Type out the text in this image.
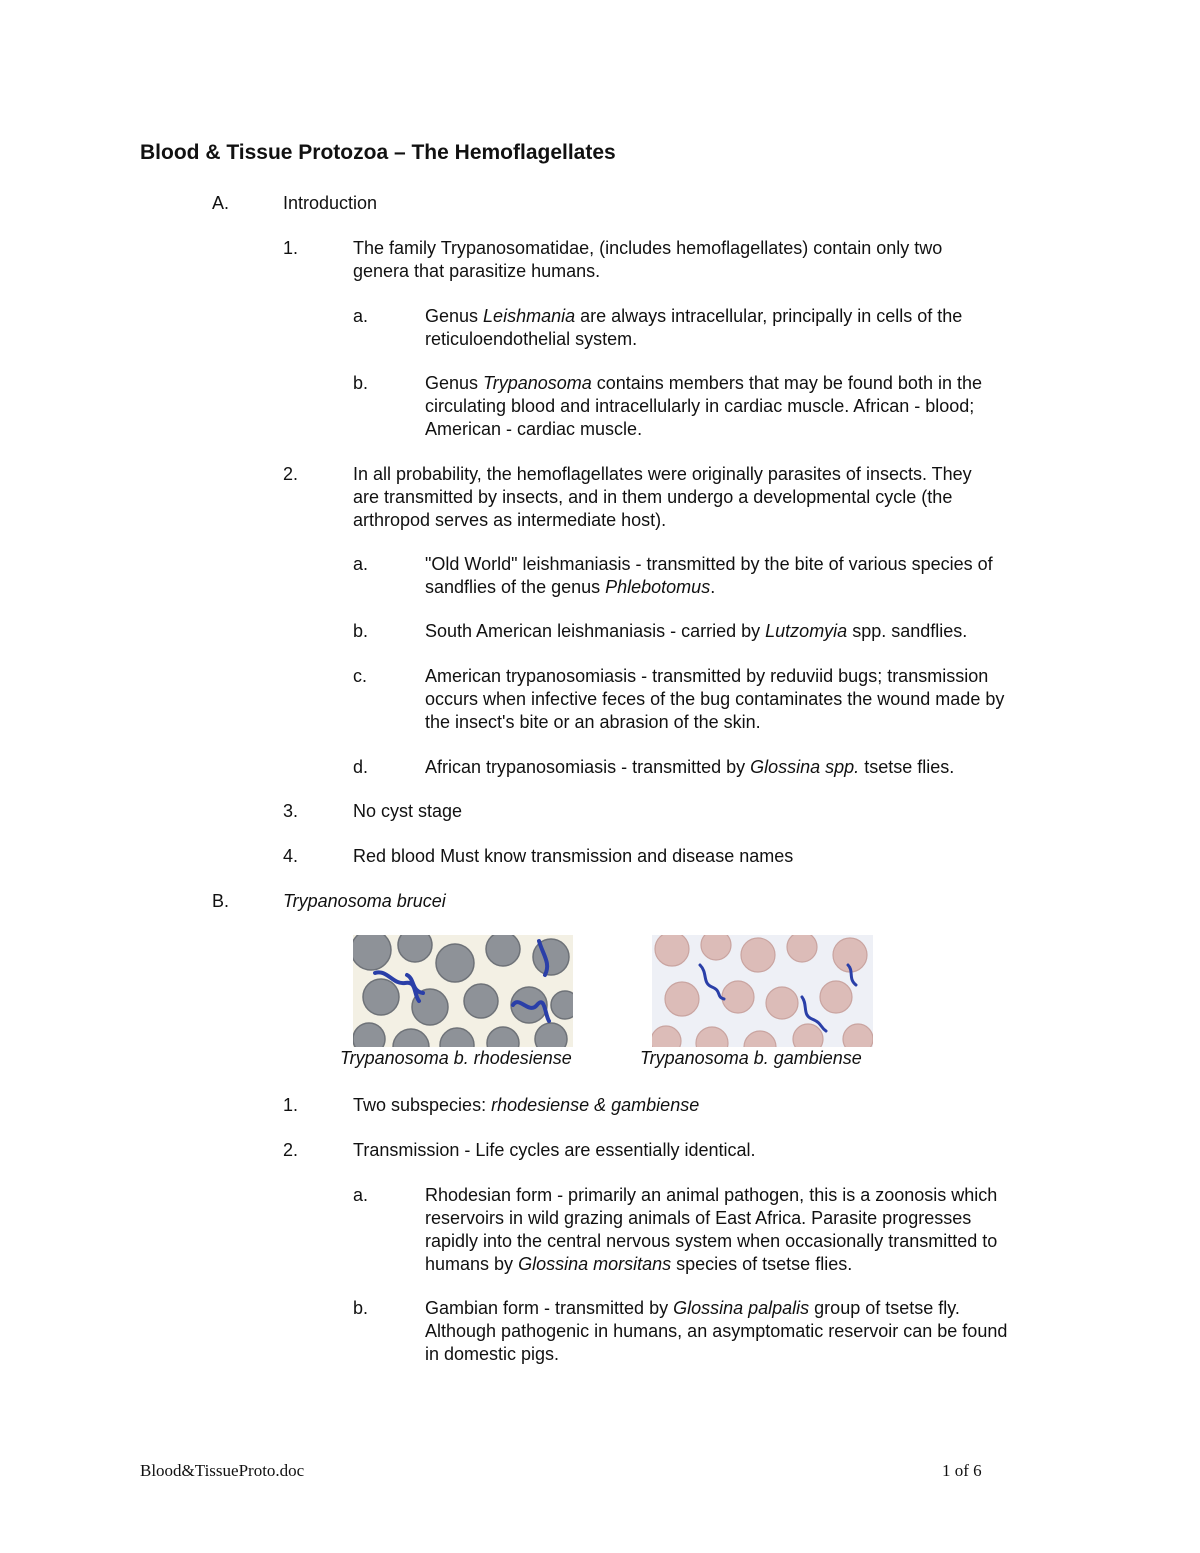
Blood & Tissue Protozoa – The Hemoflagellates
A.	Introduction
1.	The family Trypanosomatidae, (includes hemoflagellates) contain only two
genera that parasitize humans.
a.	Genus Leishmania are always intracellular, principally in cells of the
reticuloendothelial system.
b.	Genus Trypanosoma contains members that may be found both in the
circulating blood and intracellularly in cardiac muscle. African - blood;
American - cardiac muscle.
2.	In all probability, the hemoflagellates were originally parasites of insects. They
are transmitted by insects, and in them undergo a developmental cycle (the
arthropod serves as intermediate host).
a.	"Old World" leishmaniasis - transmitted by the bite of various species of
sandflies of the genus Phlebotomus.
b.	South American leishmaniasis - carried by Lutzomyia spp. sandflies.
c.	American trypanosomiasis - transmitted by reduviid bugs; transmission
occurs when infective feces of the bug contaminates the wound made by
the insect's bite or an abrasion of the skin.
d.	African trypanosomiasis - transmitted by Glossina spp. tsetse flies.
3.	No cyst stage
4.	Red blood Must know transmission and disease names
B.	Trypanosoma brucei
Trypanosoma b. rhodesiense	Trypanosoma b. gambiense
1.	Two subspecies: rhodesiense & gambiense
2.	Transmission - Life cycles are essentially identical.
a.	Rhodesian form - primarily an animal pathogen, this is a zoonosis which
reservoirs in wild grazing animals of East Africa. Parasite progresses
rapidly into the central nervous system when occasionally transmitted to
humans by Glossina morsitans species of tsetse flies.
b.	Gambian form - transmitted by Glossina palpalis group of tsetse fly.
Although pathogenic in humans, an asymptomatic reservoir can be found
in domestic pigs.
Blood&TissueProto.doc	1 of 6
